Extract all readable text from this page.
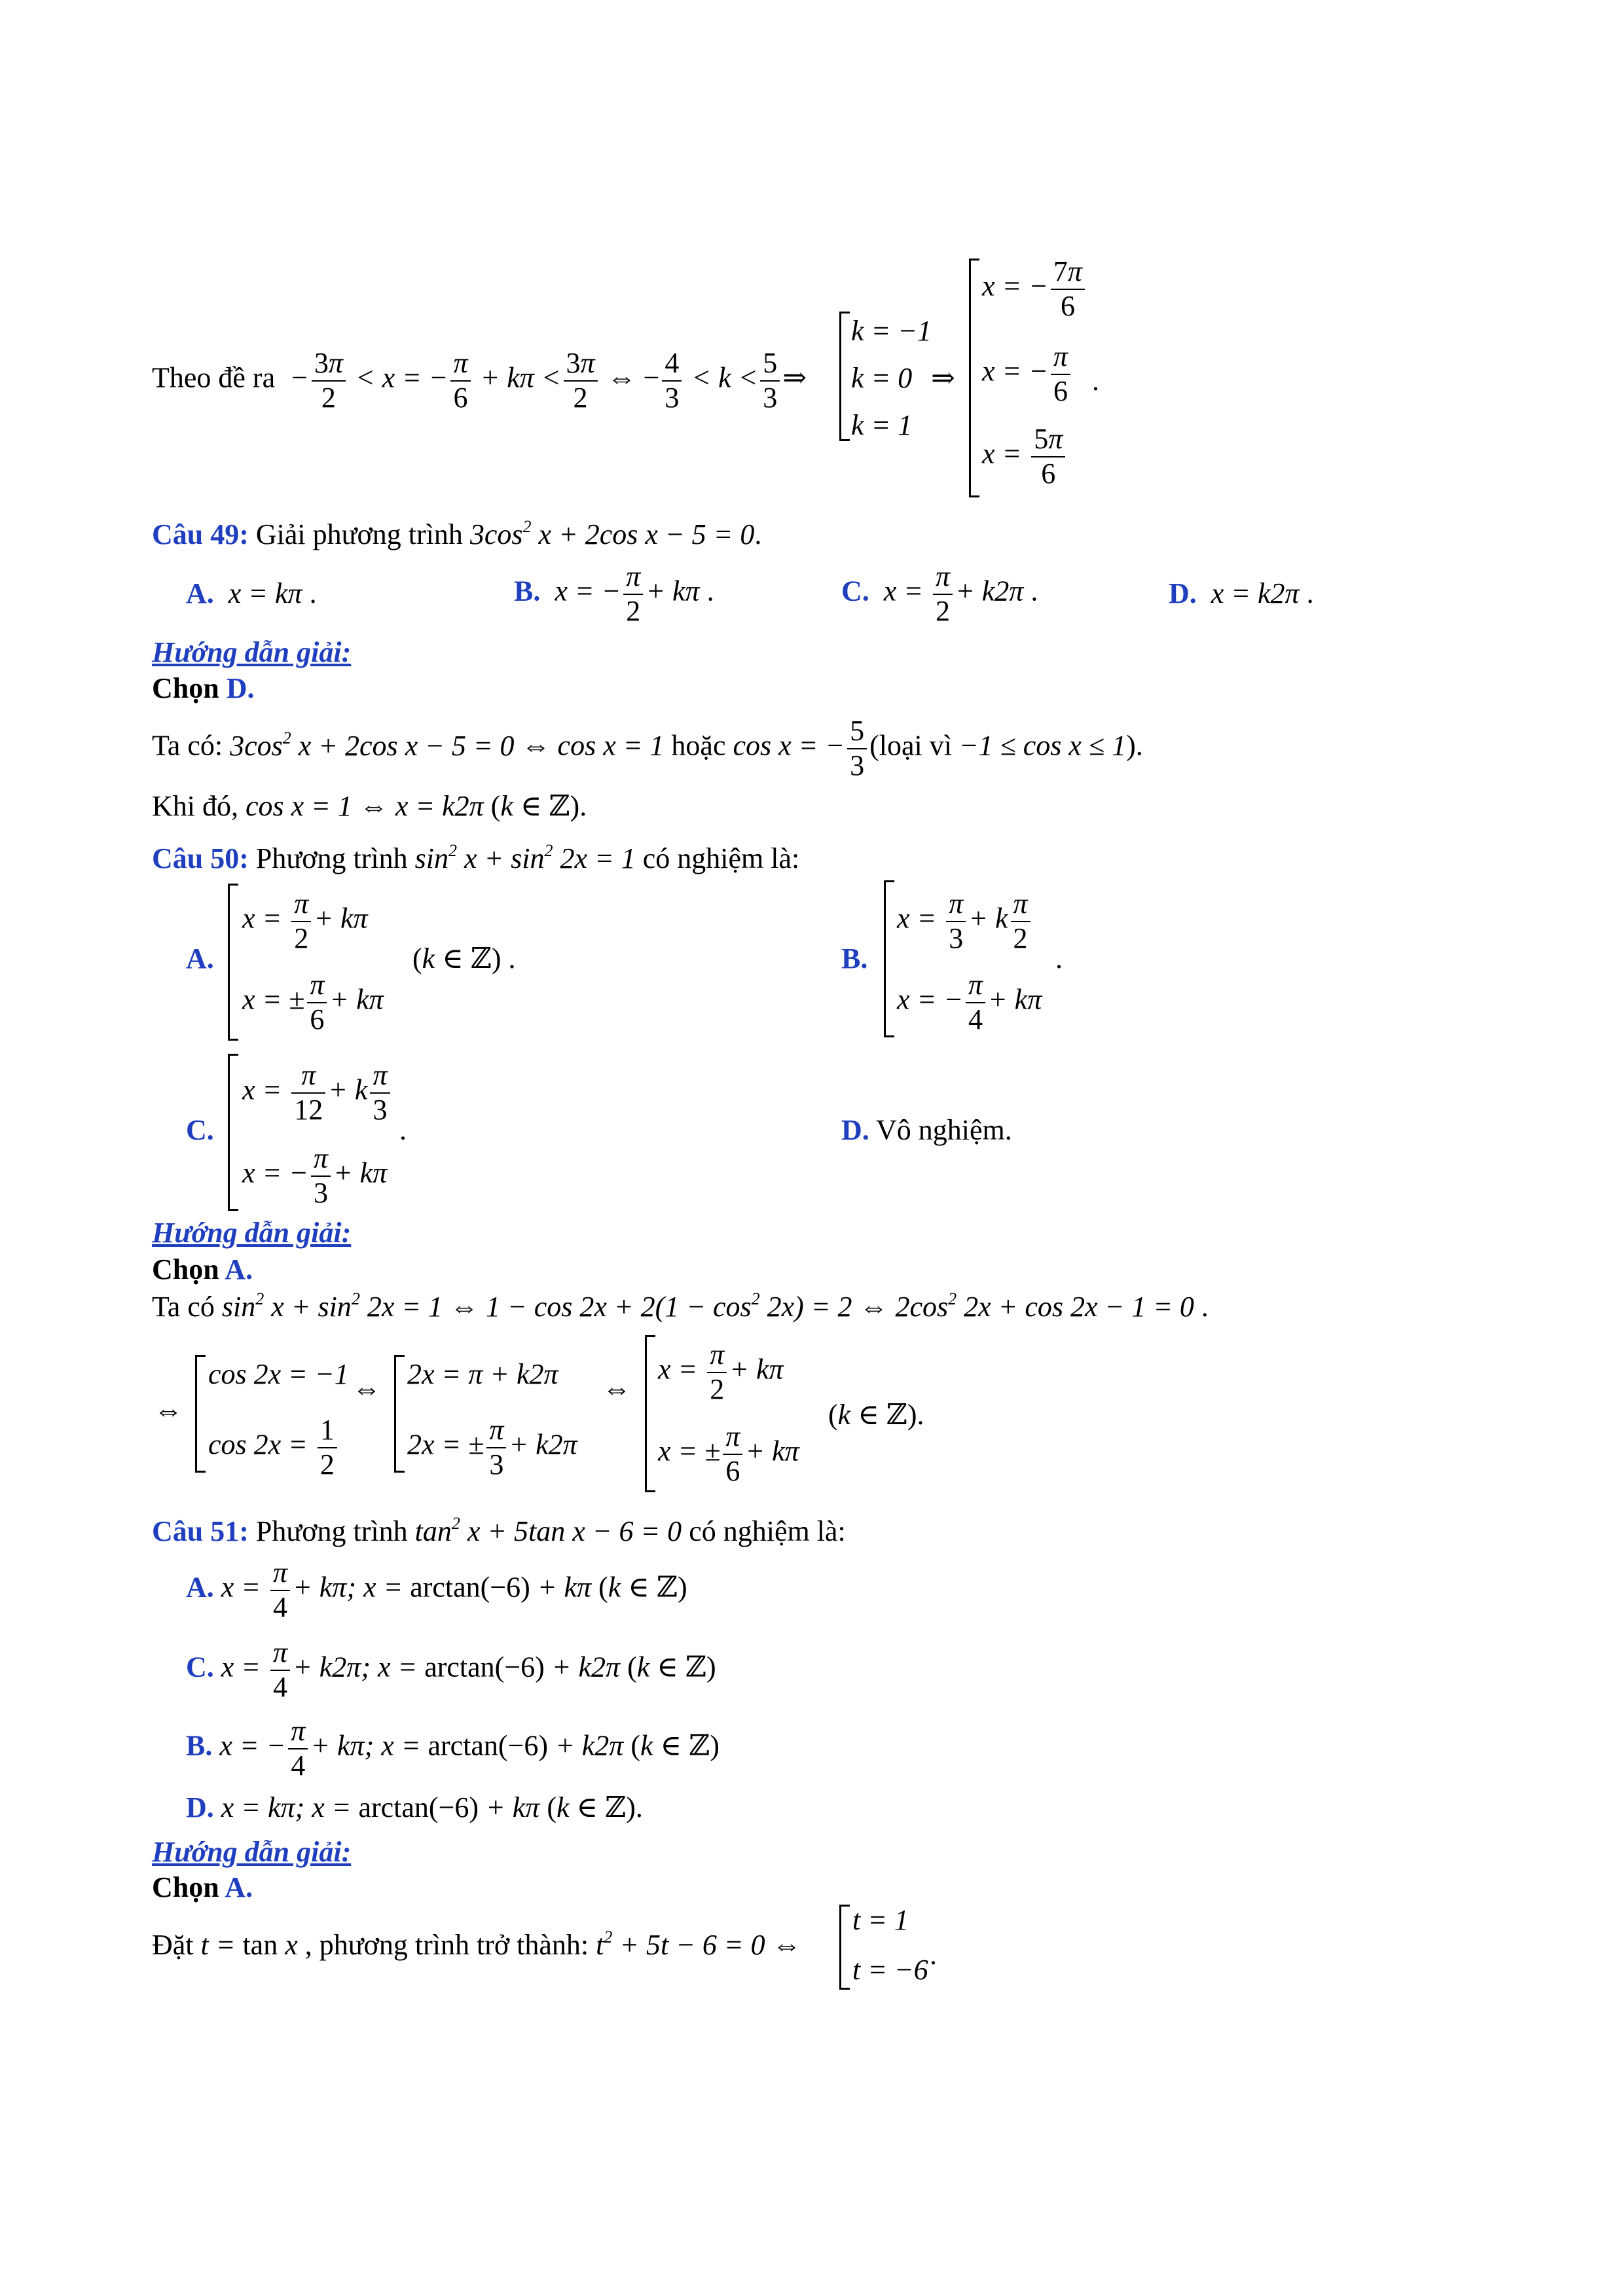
Theo đề ra  − $\frac{3\pi}{2} < x$ = − $\frac{\pi}{6} + k\pi < \frac{3\pi}{2}$ ⇔ − $\frac{4}{3} < k < \frac{5}{3}$ ⇒
k = −1
k = 0
k = 1
⇒
x = − $\frac{7\pi}{6}$
x = − $\frac{\pi}{6}$
$x = \frac{5\pi}{6}$
.
Câu 49: Giải phương trình $3\cos^2$ x + 2cos x − 5 = 0.
A.  x = kπ .	B.  x = − $\frac{\pi}{2} + k\pi$ .	C.  $x = \frac{\pi}{2} + k2\pi$ .	D.  x = k2π .
Hướng dẫn giải:
Chọn D.
Ta có: $3\cos^2$ x + 2cos x − 5 = 0 ⇔ cos x = 1 hoặc cos x = − $\frac{5}{3}$ (loại vì −1 ≤ cos x ≤ 1).
Khi đó, cos x = 1 ⇔ x = k2π (k ∈ ℤ).
Câu 50: Phương trình $\sin^2 x + \sin^2 2x = 1$ có nghiệm là:
A.
$x = \frac{\pi}{2} + k\pi$
x = ± $\frac{\pi}{6} + k\pi$
(k ∈ ℤ) .	B.
$x = \frac{\pi}{3} + k \frac{\pi}{2}$
x = − $\frac{\pi}{4} + k\pi$
.
C.
$x = \frac{\pi}{12} + k \frac{\pi}{3}$
x = − $\frac{\pi}{3} + k\pi$
.	D. Vô nghiệm.
Hướng dẫn giải:
Chọn A.
Ta có $\sin^2 x + \sin^2 2x = 1$ ⇔ $1 - \cos 2x + 2(1 - \cos^2 2x) = 2$ ⇔ $2\cos^2$ 2x + cos 2x − 1 = 0 .
⇔
cos 2x = −1
$\cos 2x = \frac{1}{2}$
⇔ 2x = π + k2π
2x = ± $\frac{\pi}{3} + k2\pi$
⇔
$x = \frac{\pi}{2} + k\pi$
x = ± $\frac{\pi}{6} + k\pi$
(k ∈ ℤ).
Câu 51: Phương trình $\tan^2 x + 5\tan$ x − 6 = 0 có nghiệm là:
A. $x = \frac{\pi}{4} + k\pi$; x = arctan(−6) + kπ (k ∈ ℤ)
C. $x = \frac{\pi}{4} + k2\pi$; x = arctan(−6) + k2π (k ∈ ℤ)
B. x = − $\frac{\pi}{4} + k\pi$; x = arctan(−6) + k2π (k ∈ ℤ)
D. x = kπ; x = arctan(−6) + kπ (k ∈ ℤ).
Hướng dẫn giải:
Chọn A.
Đặt t = tan x , phương trình trở thành: $t^2 + 5t - 6 = 0$ ⇔
t = 1
t = −6 .
